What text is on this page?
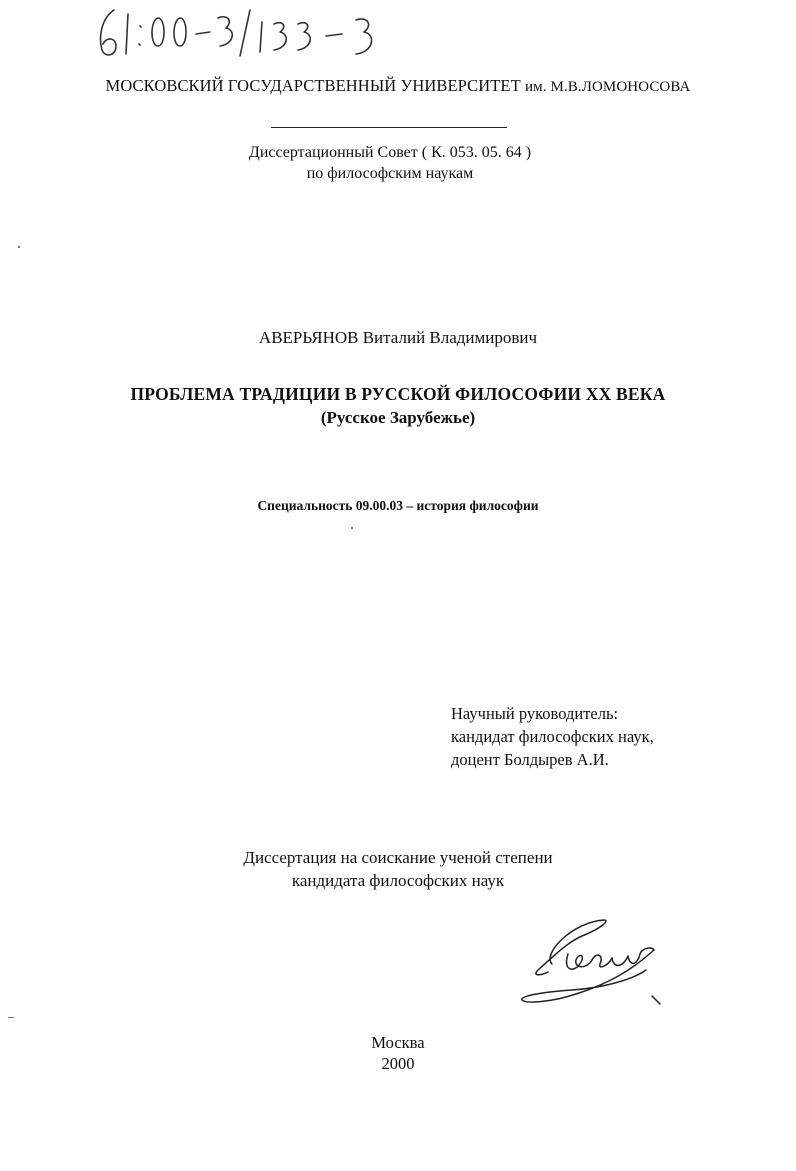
МОСКОВСКИЙ ГОСУДАРСТВЕННЫЙ УНИВЕРСИТЕТ им. М.В.ЛОМОНОСОВА
Диссертационный Совет ( К. 053. 05. 64 )
по философским наукам
АВЕРЬЯНОВ Виталий Владимирович
ПРОБЛЕМА ТРАДИЦИИ В РУССКОЙ ФИЛОСОФИИ XX ВЕКА
(Русское Зарубежье)
Специальность 09.00.03 – история философии
Научный руководитель:
кандидат философских наук,
доцент Болдырев А.И.
Диссертация на соискание ученой степени
кандидата философских наук
Москва
2000
